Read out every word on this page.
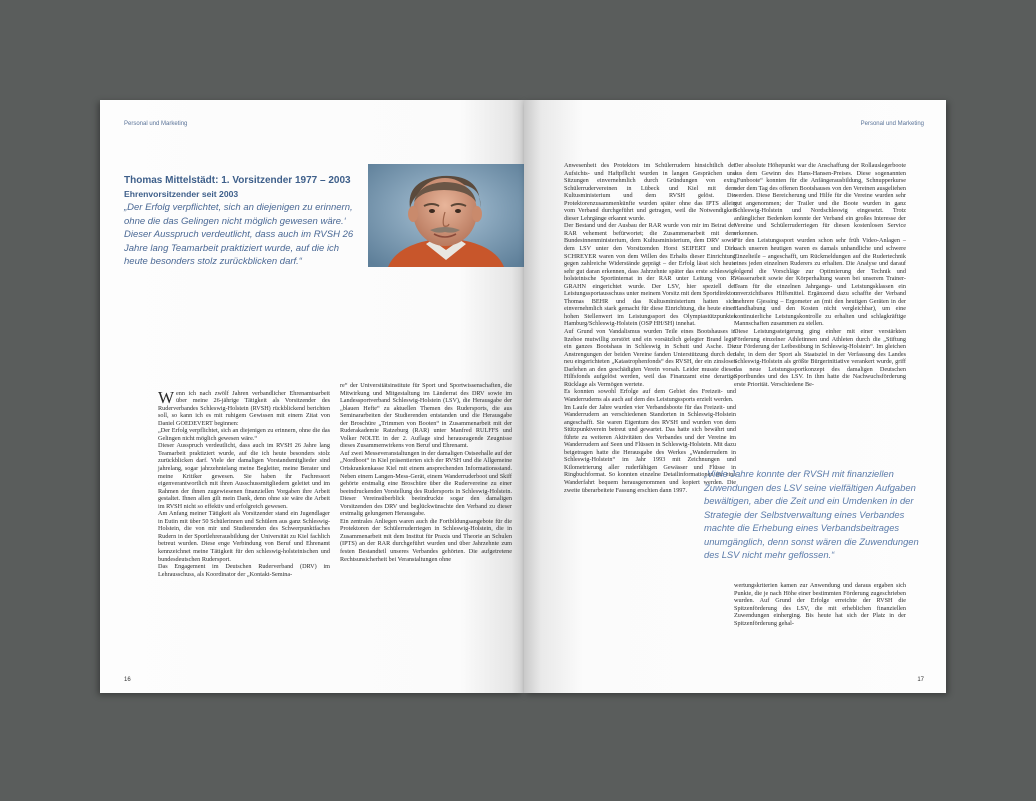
Personal und Marketing
Thomas Mittelstädt: 1. Vorsitzender 1977 – 2003
Ehrenvorsitzender seit 2003

„Der Erfolg verpflichtet, sich an diejenigen zu erinnern, ohne die das Gelingen nicht möglich gewesen wäre.‘
Dieser Ausspruch verdeutlicht, dass auch im RVSH 26 Jahre lang Teamarbeit praktiziert wurde, auf die ich heute besonders stolz zurückblicken darf.“

Wenn ich nach zwölf Jahren verbandlicher Ehrenamtsarbeit über meine 26-jährige Tätigkeit als Vorsitzender des Ruderverbandes Schleswig-Holstein (RVSH) rückblickend berichten soll, so kann ich es mit ruhigem Gewissen mit einem Zitat von Daniel GOEDEVERT beginnen:
„Der Erfolg verpflichtet, sich an diejenigen zu erinnern, ohne die das Gelingen nicht möglich gewesen wäre.“
Dieser Ausspruch verdeutlicht, dass auch im RVSH 26 Jahre lang Teamarbeit praktiziert wurde, auf die ich heute besonders stolz zurückblicken darf. Viele der damaligen Vorstandsmitglieder sind jahrelang, sogar jahrzehntelang meine Begleiter, meine Berater und meine Kritiker gewesen. Sie haben ihr Fachressort eigenverantwortlich mit ihren Ausschussmitgliedern geleitet und im Rahmen der ihnen zugewiesenen finanziellen Vorgaben ihre Arbeit gestaltet. Ihnen allen gilt mein Dank, denn ohne sie wäre die Arbeit im RVSH nicht so effektiv und erfolgreich gewesen.
Am Anfang meiner Tätigkeit als Vorsitzender stand ein Jugendlager in Eutin mit über 50 Schülerinnen und Schülern aus ganz Schleswig-Holstein, die von mir und Studierenden des Schwerpunktfaches Rudern in der Sportlehrerausbildung der Universität zu Kiel fachlich betreut wurden. Diese enge Verbindung von Beruf und Ehrenamt kennzeichnet meine Tätigkeit für den schleswig-holsteinischen und bundesdeutschen Rudersport.
Das Engagement im Deutschen Ruderverband (DRV) im Lehrausschuss, als Koordinator der „Kontakt-Semina-

re“ der Universitätsinstitute für Sport und Sportwissenschaften, die Mitwirkung und Mitgestaltung im Länderrat des DRV sowie im Landessportverband Schleswig-Holstein (LSV), die Herausgabe der „blauen Hefte“ zu aktuellen Themen des Rudersports, die aus Seminararbeiten der Studierenden entstanden und die Herausgabe der Broschüre „Trimmen von Booten“ in Zusammenarbeit mit der Ruderakademie Ratzeburg (RAR) unter Manfred RULFFS und Volker NOLTE in der 2. Auflage sind herausragende Zeugnisse dieses Zusammenwirkens von Beruf und Ehrenamt.
Auf zwei Messeveranstaltungen in der damaligen Ostseehalle auf der „Nordboot“ in Kiel präsentierten sich der RVSH und die Allgemeine Ortskrankenkasse Kiel mit einem ansprechenden Informationsstand. Neben einem Langen-Mess-Gerät, einem Wanderruderboot und Skiff gehörte erstmalig eine Broschüre über die Rudervereine zu einer beeindruckenden Vorstellung des Rudersports in Schleswig-Holstein. Dieser Vereinsüberblick beeindruckte sogar den damaligen Vorsitzenden des DRV und beglückwünschte den Verband zu dieser erstmalig gelungenen Herausgabe.
Ein zentrales Anliegen waren auch die Fortbildungsangebote für die Protektoren der Schülerruderriegen in Schleswig-Holstein, die in Zusammenarbeit mit dem Institut für Praxis und Theorie an Schulen (IPTS) an der RAR durchgeführt wurden und über Jahrzehnte zum festen Bestandteil unseres Verbandes gehörten. Die aufgetretene Rechtsunsicherheit bei Veranstaltungen ohne

16
Personal und Marketing

Anwesenheit des Protektors im Schülerrudern hinsichtlich der Aufsichts- und Haftpflicht wurden in langen Gesprächen und Sitzungen einvernehmlich durch Gründungen von extra Schülerrudervereinen in Lübeck und Kiel mit dem Kultusministerium und dem RVSH gelöst. Die Protektorenzusammenkünfte wurden später ohne das IPTS allein vom Verband durchgeführt und getragen, weil die Notwendigkeit dieser Lehrgänge erkannt wurde.
Der Bestand und der Ausbau der RAR wurde von mir im Beirat der RAR vehement befürwortet; die Zusammenarbeit mit dem Bundesinnenministerium, dem Kultusministerium, dem DRV sowie dem LSV unter den Vorsitzenden Horst SEIFERT und Dirk SCHREYER waren von dem Willen des Erhalts dieser Einrichtung gegen zahlreiche Widerstände geprägt – der Erfolg lässt sich heute sehr gut daran erkennen, dass Jahrzehnte später das erste schleswig-holsteinische Sportinternat in der RAR unter Leitung von R. GRAHN eingerichtet wurde. Der LSV, hier speziell der Leistungssportausschuss unter meinem Vorsitz mit dem Sportdirektor Thomas BEHR und das Kultusministerium hatten sich einvernehmlich stark gemacht für diese Einrichtung, die heute einen hohen Stellenwert im Leistungssport des Olympiastützpunktes Hamburg/Schleswig-Holstein (OSP HH/SH) innehat.
Auf Grund von Vandalismus wurden Teile eines Bootshauses in Itzehoe mutwillig zerstört und ein vorsätzlich gelegter Brand legte ein ganzes Bootshaus in Schleswig in Schutt und Asche. Die Anstrengungen der beiden Vereine fanden Unterstützung durch den neu eingerichteten „Katastrophenfonds“ des RVSH, der ein zinsloses Darlehen an den geschädigten Verein vorsah. Leider musste dieser Hilfsfonds aufgelöst werden, weil das Finanzamt eine derartige Rücklage als Vermögen wertete.
Es konnten sowohl Erfolge auf dem Gebiet des Freizeit- und Wanderruderns als auch auf dem des Leistungssports erzielt werden.
Im Laufe der Jahre wurden vier Verbandsboote für das Freizeit- und Wanderrudern an verschiedenen Standorten in Schleswig-Holstein angeschafft. Sie waren Eigentum des RVSH und wurden von dem Stützpunktverein betreut und gewartet. Das hatte sich bewährt und führte zu weiteren Aktivitäten des Verbandes und der Vereine im Wanderrudern auf Seen und Flüssen in Schleswig-Holstein. Mit dazu beigetragen hatte die Herausgabe des Werkes „Wanderrudern in Schleswig-Holstein“ im Jahr 1993 mit Zeichnungen und Kilometrierung aller ruderfähigen Gewässer und Flüsse in Ringbuchformat. So konnten einzelne Detailinformationen für eine Wanderfahrt bequem herausgenommen und kopiert werden. Die zweite überarbeitete Fassung erschien dann 1997.

Der absolute Höhepunkt war die Anschaffung der Rollauslegerboote aus dem Gewinn des Hans-Hansen-Preises. Diese sogenannten „Funboote“ konnten für die Anfängerausbildung, Schnupperkurse oder dem Tag des offenen Bootshauses von den Vereinen ausgeliehen werden. Diese Bereicherung und Hilfe für die Vereine wurden sehr gut angenommen; der Trailer und die Boote wurden in ganz Schleswig-Holstein und Nordschleswig eingesetzt. Trotz anfänglicher Bedenken konnte der Verband ein großes Interesse der Vereine und Schülerruderriegen für diesen kostenlosen Service erkennen.
Für den Leistungssport wurden schon sehr früh Video-Anlagen – nach unseren heutigen waren es damals unhandliche und schwere Einzelteile – angeschafft, um Rückmeldungen auf die Rudertechnik eines jeden einzelnen Ruderers zu erhalten. Die Analyse und darauf folgend die Vorschläge zur Optimierung der Technik und Wasserarbeit sowie der Körperhaltung waren bei unserem Trainer-Team für die einzelnen Jahrgangs- und Leistungsklassen ein unverzichtbares Hilfsmittel. Ergänzend dazu schaffte der Verband mehrere Gjessing – Ergometer an (mit den heutigen Geräten in der Handhabung und den Kosten nicht vergleichbar), um eine kontinuierliche Leistungskontrolle zu erhalten und schlagkräftige Mannschaften zusammen zu stellen.
Diese Leistungssteigerung ging einher mit einer verstärkten Förderung einzelner Athletinnen und Athleten durch die „Stiftung zur Förderung der Leibesübung in Schleswig-Holstein“. Im gleichen Jahr, in dem der Sport als Staatsziel in der Verfassung des Landes Schleswig-Holstein als größte Bürgerinitiative verankert wurde, griff das neue Leistungssportkonzept des damaligen Deutschen Sportbundes und des LSV. In ihm hatte die Nachwuchsförderung erste Priorität. Verschiedene Be-

„Viele Jahre konnte der RVSH mit finanziellen Zuwendungen des LSV seine vielfältigen Aufgaben bewältigen, aber die Zeit und ein Umdenken in der Strategie der Selbstverwaltung eines Verbandes machte die Erhebung eines Verbandsbeitrages unumgänglich, denn sonst wären die Zuwendungen des LSV nicht mehr geflossen.“

wertungskriterien kamen zur Anwendung und daraus ergaben sich Punkte, die je nach Höhe einer bestimmten Förderung zugeschrieben wurden. Auf Grund der Erfolge erreichte der RVSH die Spitzenförderung des LSV, die mit erheblichen finanziellen Zuwendungen einherging. Bis heute hat sich der Platz in der Spitzenförderung gehal-

17
